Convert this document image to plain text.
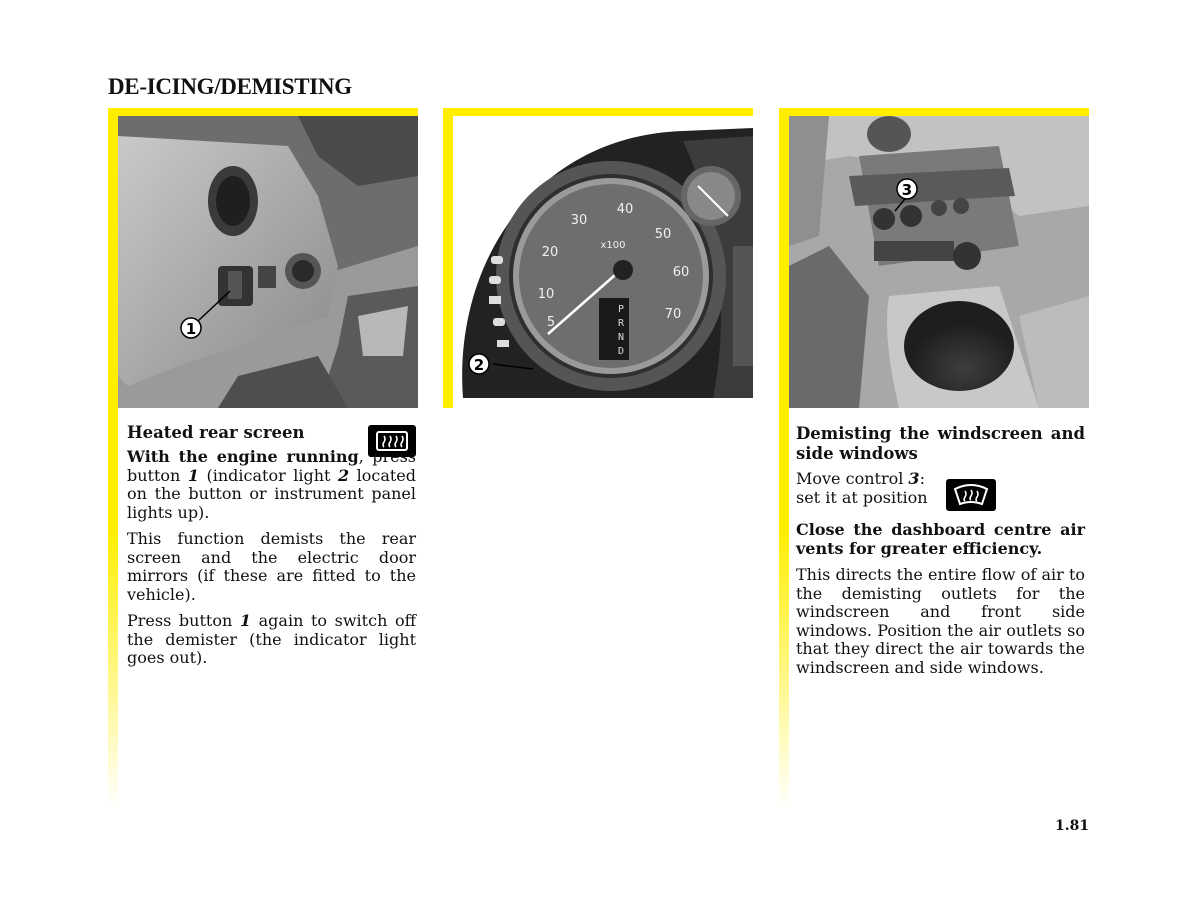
DE-ICING/DEMISTING
1	5
10
20
30
40
50
60
70
x100
P
R
N
D
2
3
Heated rear screen

With the engine running, press button 1 (indicator light 2 located on the button or instrument panel lights up).

This function demists the rear screen and the electric door mirrors (if these are fitted to the vehicle).

Press button 1 again to switch off the demister (the indicator light goes out).

Demisting the windscreen and side windows

Move control 3:
set it at position

Close the dashboard centre air vents for greater efficiency.

This directs the entire flow of air to the demisting outlets for the windscreen and front side windows. Position the air outlets so that they direct the air towards the windscreen and side windows.

1.81
